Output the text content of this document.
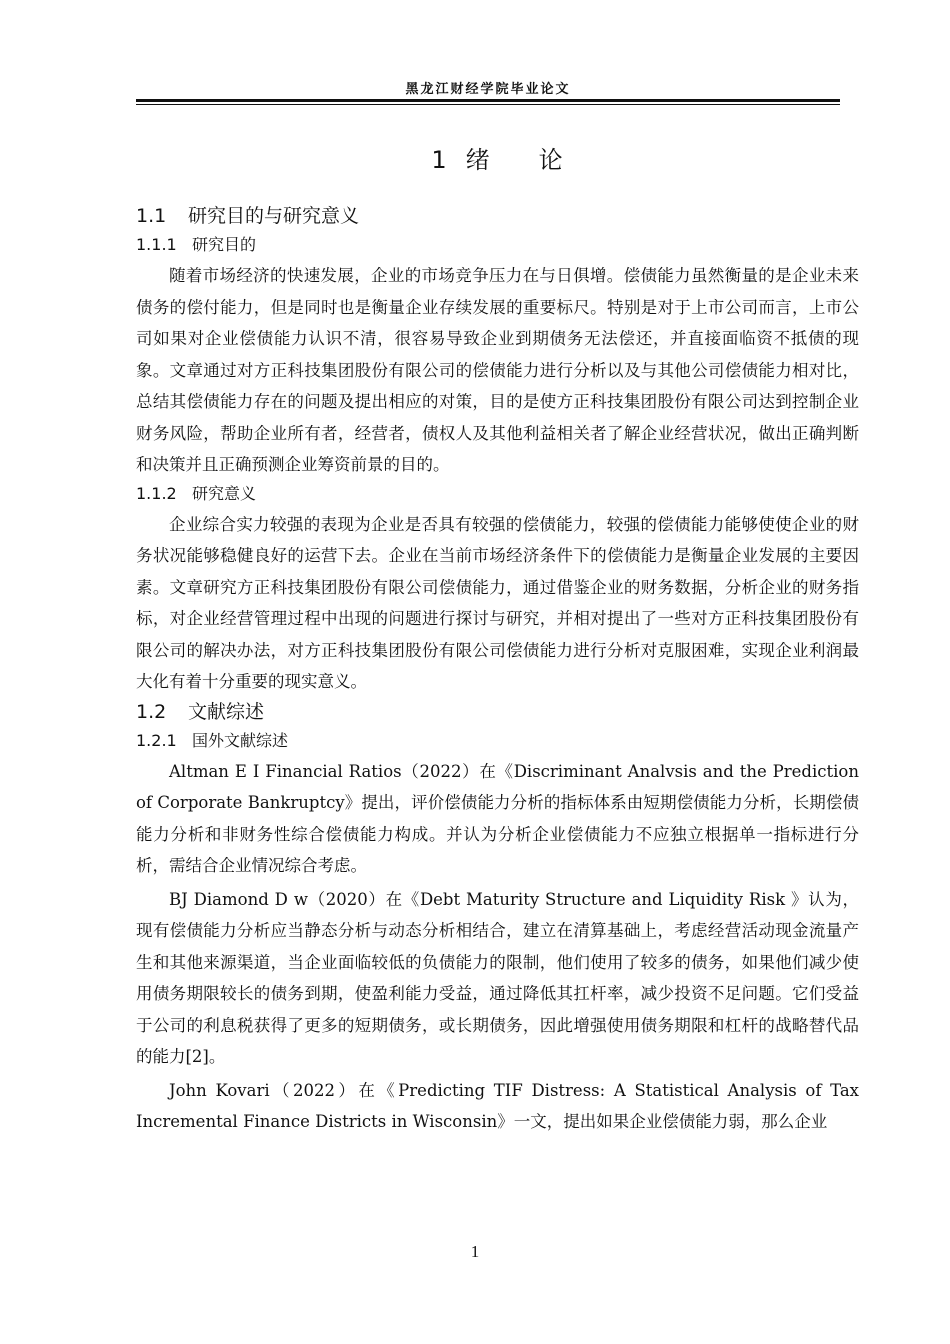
黑龙江财经学院毕业论文
1 绪 论
1.1 研究目的与研究意义
1.1.1 研究目的

随着市场经济的快速发展，企业的市场竞争压力在与日俱增。偿债能力虽然衡量的是企业未来债务的偿付能力，但是同时也是衡量企业存续发展的重要标尺。特别是对于上市公司而言，上市公司如果对企业偿债能力认识不清，很容易导致企业到期债务无法偿还，并直接面临资不抵债的现象。文章通过对方正科技集团股份有限公司的偿债能力进行分析以及与其他公司偿债能力相对比，总结其偿债能力存在的问题及提出相应的对策，目的是使方正科技集团股份有限公司达到控制企业财务风险，帮助企业所有者，经营者，债权人及其他利益相关者了解企业经营状况，做出正确判断和决策并且正确预测企业筹资前景的目的。

1.1.2 研究意义

企业综合实力较强的表现为企业是否具有较强的偿债能力，较强的偿债能力能够使使企业的财务状况能够稳健良好的运营下去。企业在当前市场经济条件下的偿债能力是衡量企业发展的主要因素。文章研究方正科技集团股份有限公司偿债能力，通过借鉴企业的财务数据，分析企业的财务指标，对企业经营管理过程中出现的问题进行探讨与研究，并相对提出了一些对方正科技集团股份有限公司的解决办法，对方正科技集团股份有限公司偿债能力进行分析对克服困难，实现企业利润最大化有着十分重要的现实意义。

1.2 文献综述
1.2.1 国外文献综述

Altman E I Financial Ratios（2022）在《Discriminant Analvsis and the Prediction of Corporate Bankruptcy》提出，评价偿债能力分析的指标体系由短期偿债能力分析，长期偿债能力分析和非财务性综合偿债能力构成。并认为分析企业偿债能力不应独立根据单一指标进行分析，需结合企业情况综合考虑。

BJ Diamond D w（2020）在《Debt Maturity Structure and Liquidity Risk 》认为，现有偿债能力分析应当静态分析与动态分析相结合，建立在清算基础上，考虑经营活动现金流量产生和其他来源渠道，当企业面临较低的负债能力的限制，他们使用了较多的债务，如果他们减少使用债务期限较长的债务到期，使盈利能力受益，通过降低其扛杆率，减少投资不足问题。它们受益于公司的利息税获得了更多的短期债务，或长期债务，因此增强使用债务期限和杠杆的战略替代品的能力[2]。

John Kovari（2022）在《Predicting TIF Distress: A Statistical Analysis of Tax Incremental Finance Districts in Wisconsin》一文，提出如果企业偿债能力弱，那么企业

1
